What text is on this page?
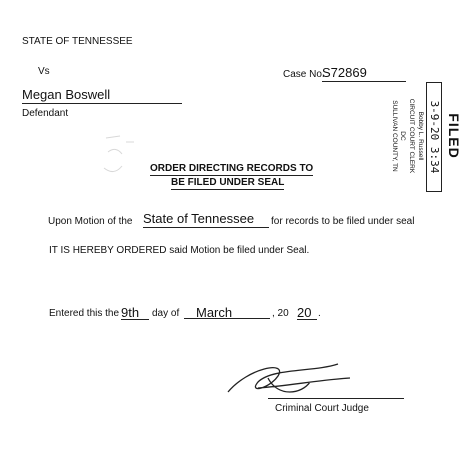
STATE OF TENNESSEE
Vs	Case No.
S72869
Megan Boswell
Defendant	FILED
3-9-20 3:34
Bobby L. Russell
CIRCUIT COURT CLERK
DC
SULLIVAN COUNTY, TN
ORDER DIRECTING RECORDS TO
BE FILED UNDER SEAL
Upon Motion of the State of Tennessee	for records to be filed under seal
IT IS HEREBY ORDERED said Motion be filed under Seal.
Entered this the 9th	day of	March	, 20 20 .
Criminal Court Judge
